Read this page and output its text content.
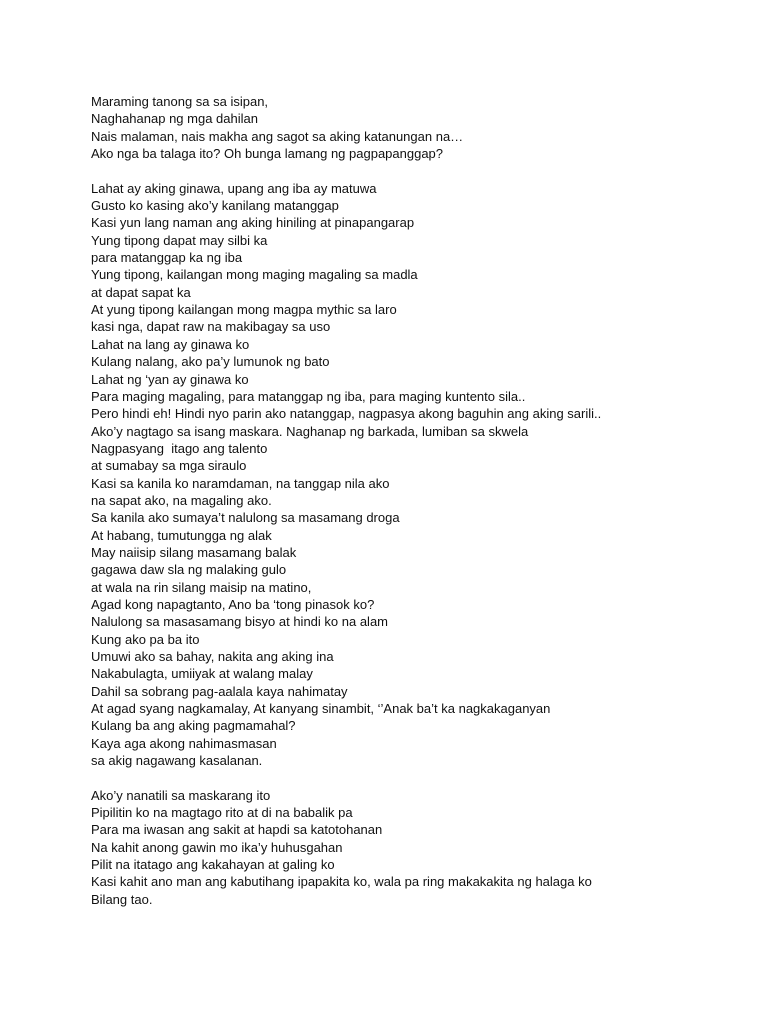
Maraming tanong sa sa isipan,
Naghahanap ng mga dahilan
Nais malaman, nais makha ang sagot sa aking katanungan na…
Ako nga ba talaga ito? Oh bunga lamang ng pagpapanggap?
Lahat ay aking ginawa, upang ang iba ay matuwa
Gusto ko kasing ako’y kanilang matanggap
Kasi yun lang naman ang aking hiniling at pinapangarap
Yung tipong dapat may silbi ka
para matanggap ka ng iba
Yung tipong, kailangan mong maging magaling sa madla
at dapat sapat ka
At yung tipong kailangan mong magpa mythic sa laro
kasi nga, dapat raw na makibagay sa uso
Lahat na lang ay ginawa ko
Kulang nalang, ako pa’y lumunok ng bato
Lahat ng ‘yan ay ginawa ko
Para maging magaling, para matanggap ng iba, para maging kuntento sila..
Pero hindi eh! Hindi nyo parin ako natanggap, nagpasya akong baguhin ang aking sarili..
Ako’y nagtago sa isang maskara. Naghanap ng barkada, lumiban sa skwela
Nagpasyang  itago ang talento
at sumabay sa mga siraulo
Kasi sa kanila ko naramdaman, na tanggap nila ako
na sapat ako, na magaling ako.
Sa kanila ako sumaya’t nalulong sa masamang droga
At habang, tumutungga ng alak
May naiisip silang masamang balak
gagawa daw sla ng malaking gulo
at wala na rin silang maisip na matino,
Agad kong napagtanto, Ano ba ‘tong pinasok ko?
Nalulong sa masasamang bisyo at hindi ko na alam
Kung ako pa ba ito
Umuwi ako sa bahay, nakita ang aking ina
Nakabulagta, umiiyak at walang malay
Dahil sa sobrang pag-aalala kaya nahimatay
At agad syang nagkamalay, At kanyang sinambit, ‘’Anak ba’t ka nagkakaganyan
Kulang ba ang aking pagmamahal?
Kaya aga akong nahimasmasan
sa akig nagawang kasalanan.
Ako’y nanatili sa maskarang ito
Pipilitin ko na magtago rito at di na babalik pa
Para ma iwasan ang sakit at hapdi sa katotohanan
Na kahit anong gawin mo ika’y huhusgahan
Pilit na itatago ang kakahayan at galing ko
Kasi kahit ano man ang kabutihang ipapakita ko, wala pa ring makakakita ng halaga ko
Bilang tao.
